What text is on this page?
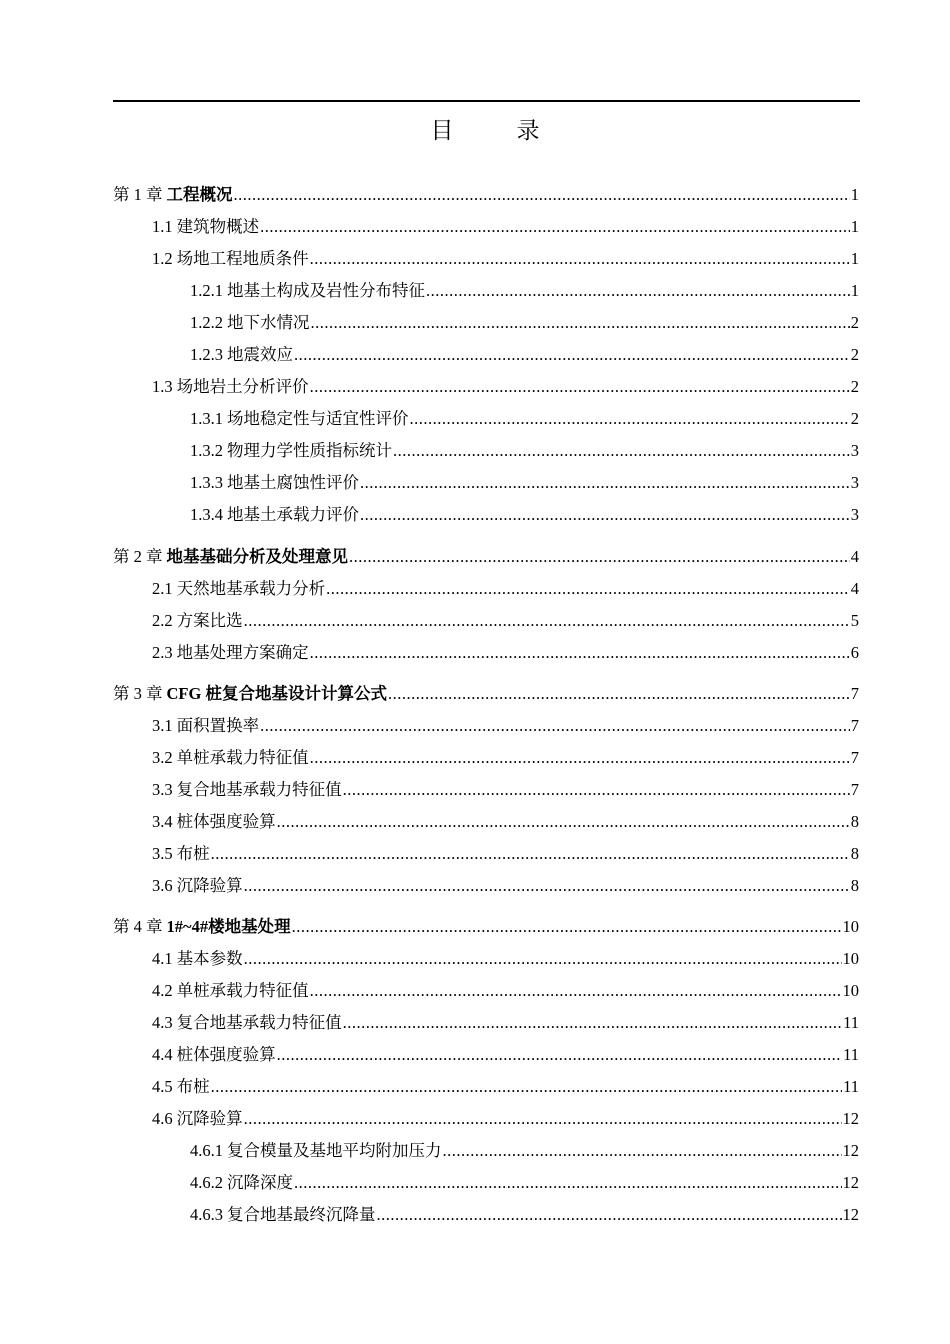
目　录
第 1 章 工程概况 .....	1
1.1 建筑物概述 .....	1
1.2 场地工程地质条件 .....	1
1.2.1 地基土构成及岩性分布特征 .....	1
1.2.2 地下水情况 .....	2
1.2.3 地震效应 .....	2
1.3 场地岩土分析评价 .....	2
1.3.1 场地稳定性与适宜性评价 .....	2
1.3.2 物理力学性质指标统计 .....	3
1.3.3 地基土腐蚀性评价 .....	3
1.3.4 地基土承载力评价 .....	3
第 2 章 地基基础分析及处理意见 .....	4
2.1 天然地基承载力分析 .....	4
2.2 方案比选 .....	5
2.3 地基处理方案确定 .....	6
第 3 章 CFG 桩复合地基设计计算公式 .....	7
3.1 面积置换率 .....	7
3.2 单桩承载力特征值 .....	7
3.3 复合地基承载力特征值 .....	7
3.4 桩体强度验算 .....	8
3.5 布桩 .....	8
3.6 沉降验算 .....	8
第 4 章 1#~4#楼地基处理 .....	10
4.1 基本参数 .....	10
4.2 单桩承载力特征值 .....	10
4.3 复合地基承载力特征值 .....	11
4.4 桩体强度验算 .....	11
4.5 布桩 .....	11
4.6 沉降验算 .....	12
4.6.1 复合模量及基地平均附加压力 .....	12
4.6.2 沉降深度 .....	12
4.6.3 复合地基最终沉降量 .....	12
